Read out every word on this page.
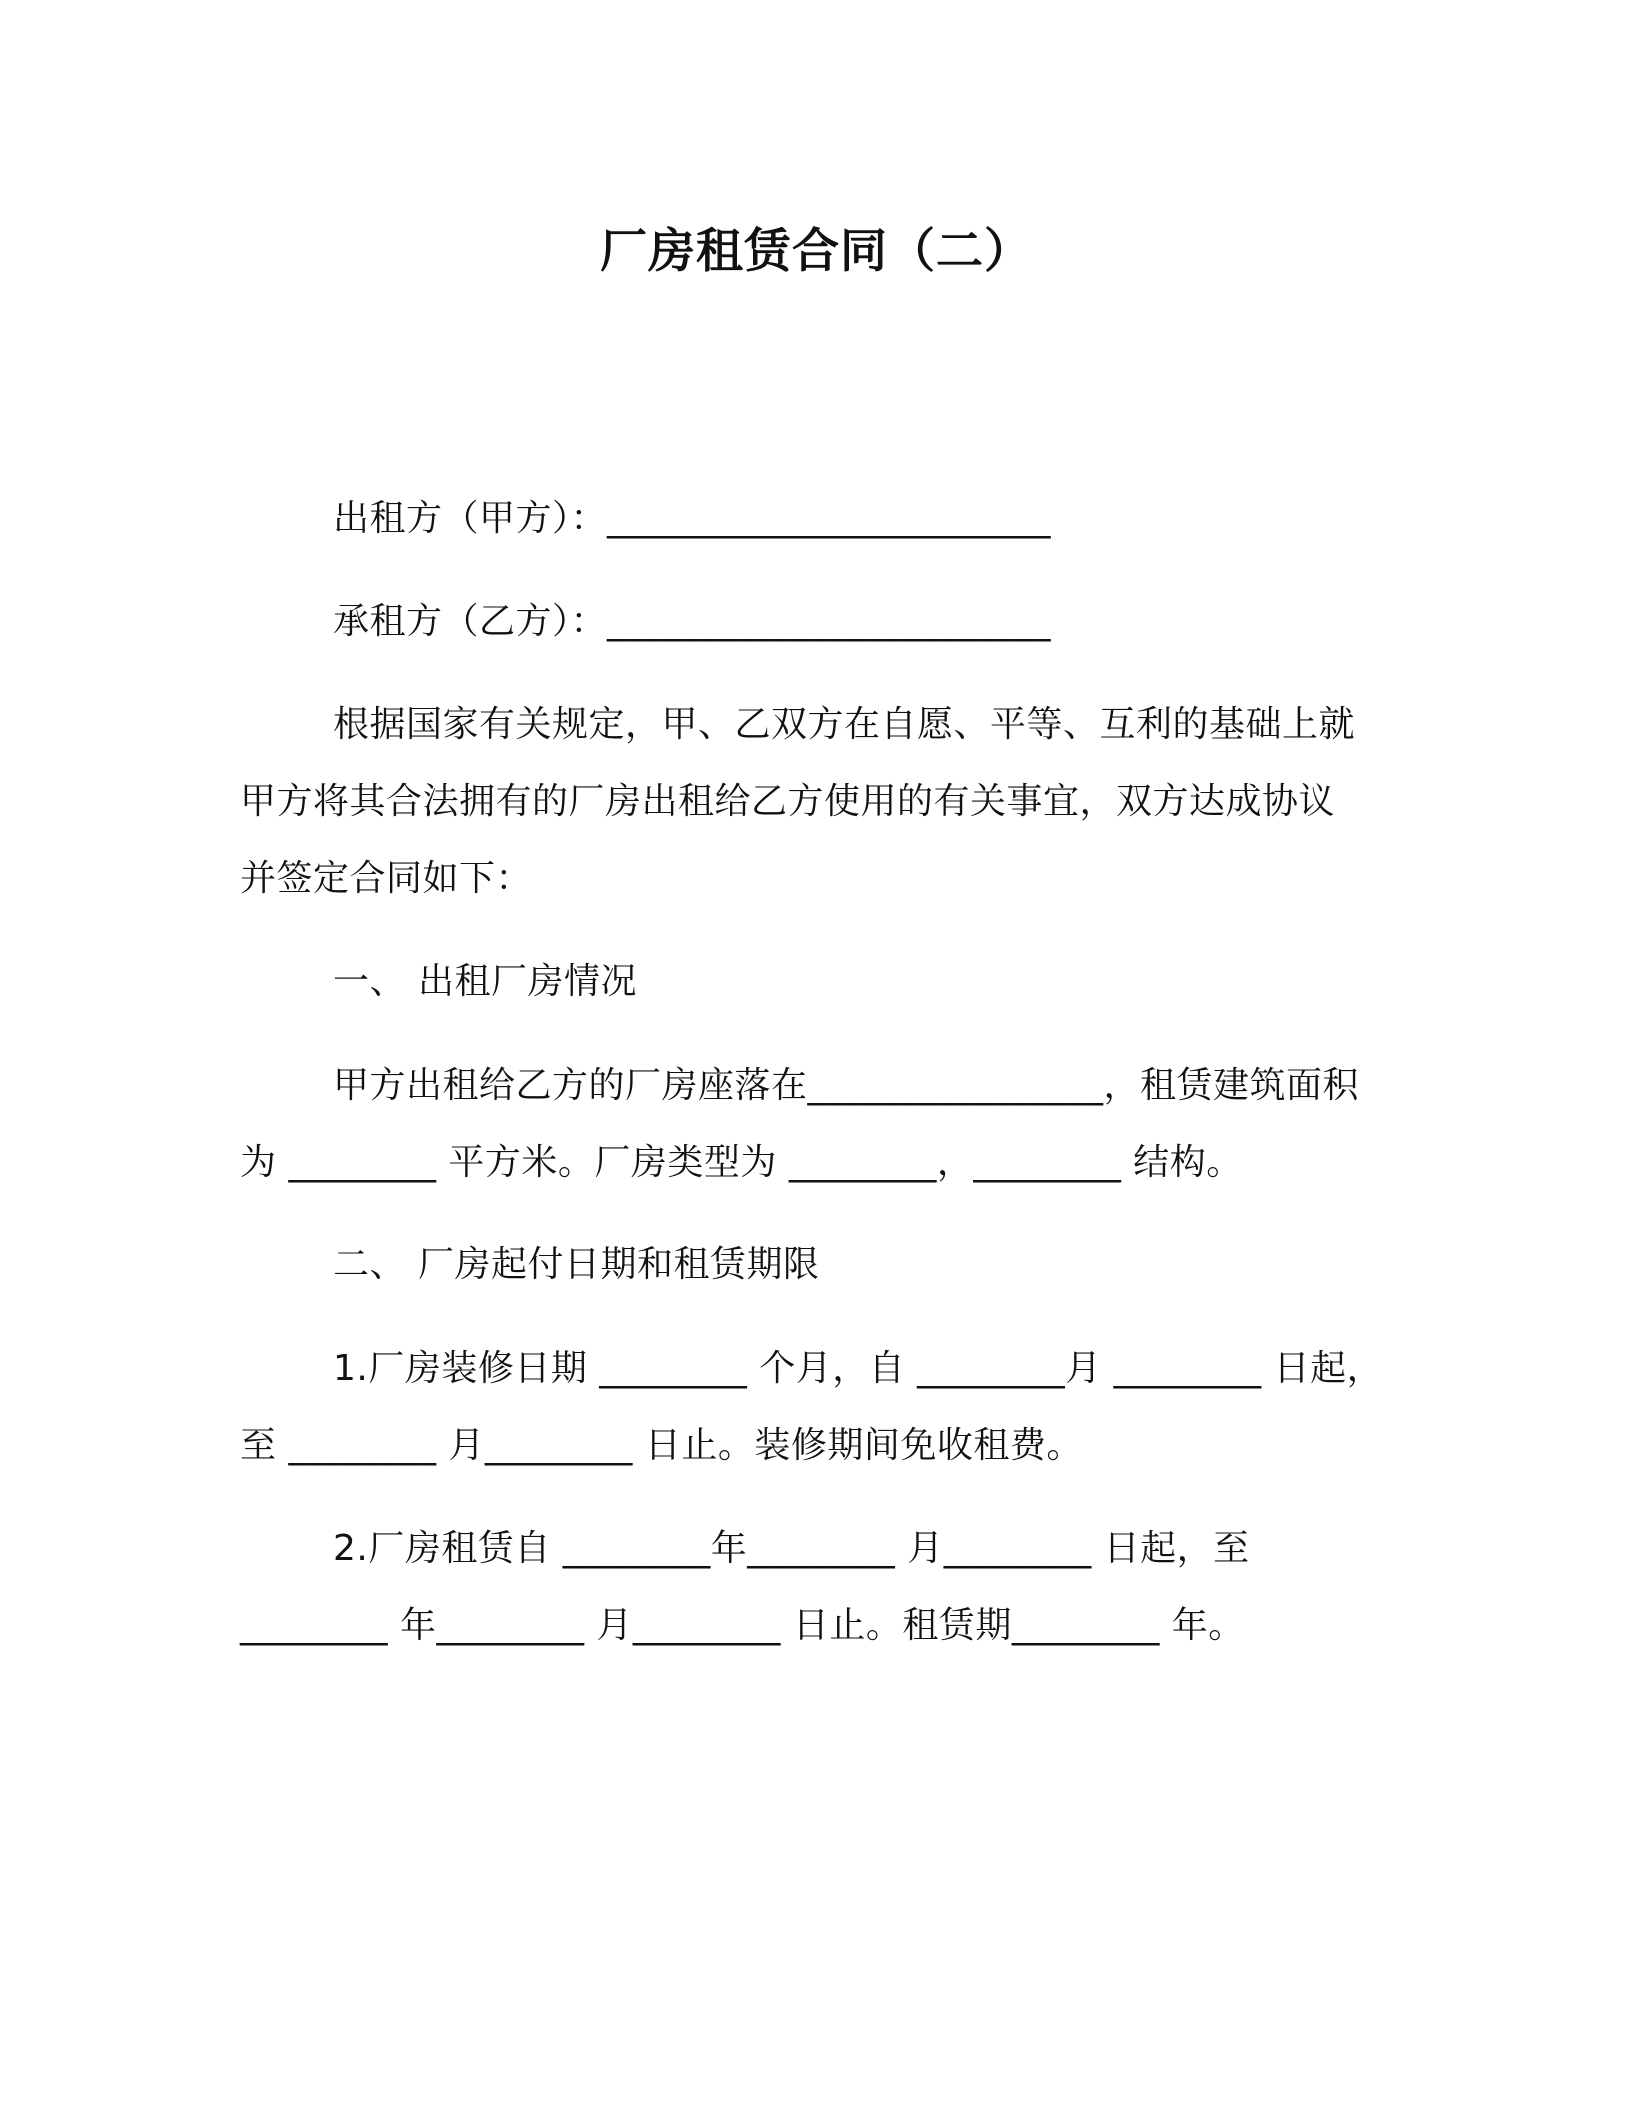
厂房租赁合同（二）
出租方（甲方）：________________________
承租方（乙方）：________________________
根据国家有关规定，甲、乙双方在自愿、平等、互利的基础上就
甲方将其合法拥有的厂房出租给乙方使用的有关事宜，双方达成协议
并签定合同如下：
一、 出租厂房情况
甲方出租给乙方的厂房座落在________________，租赁建筑面积
为 ________ 平方米。厂房类型为 ________，________ 结构。
二、 厂房起付日期和租赁期限
1.厂房装修日期 ________ 个月，自 ________月 ________ 日起，
至 ________ 月________ 日止。装修期间免收租费。
2.厂房租赁自 ________年________ 月________ 日起，至
________ 年________ 月________ 日止。租赁期________ 年。
